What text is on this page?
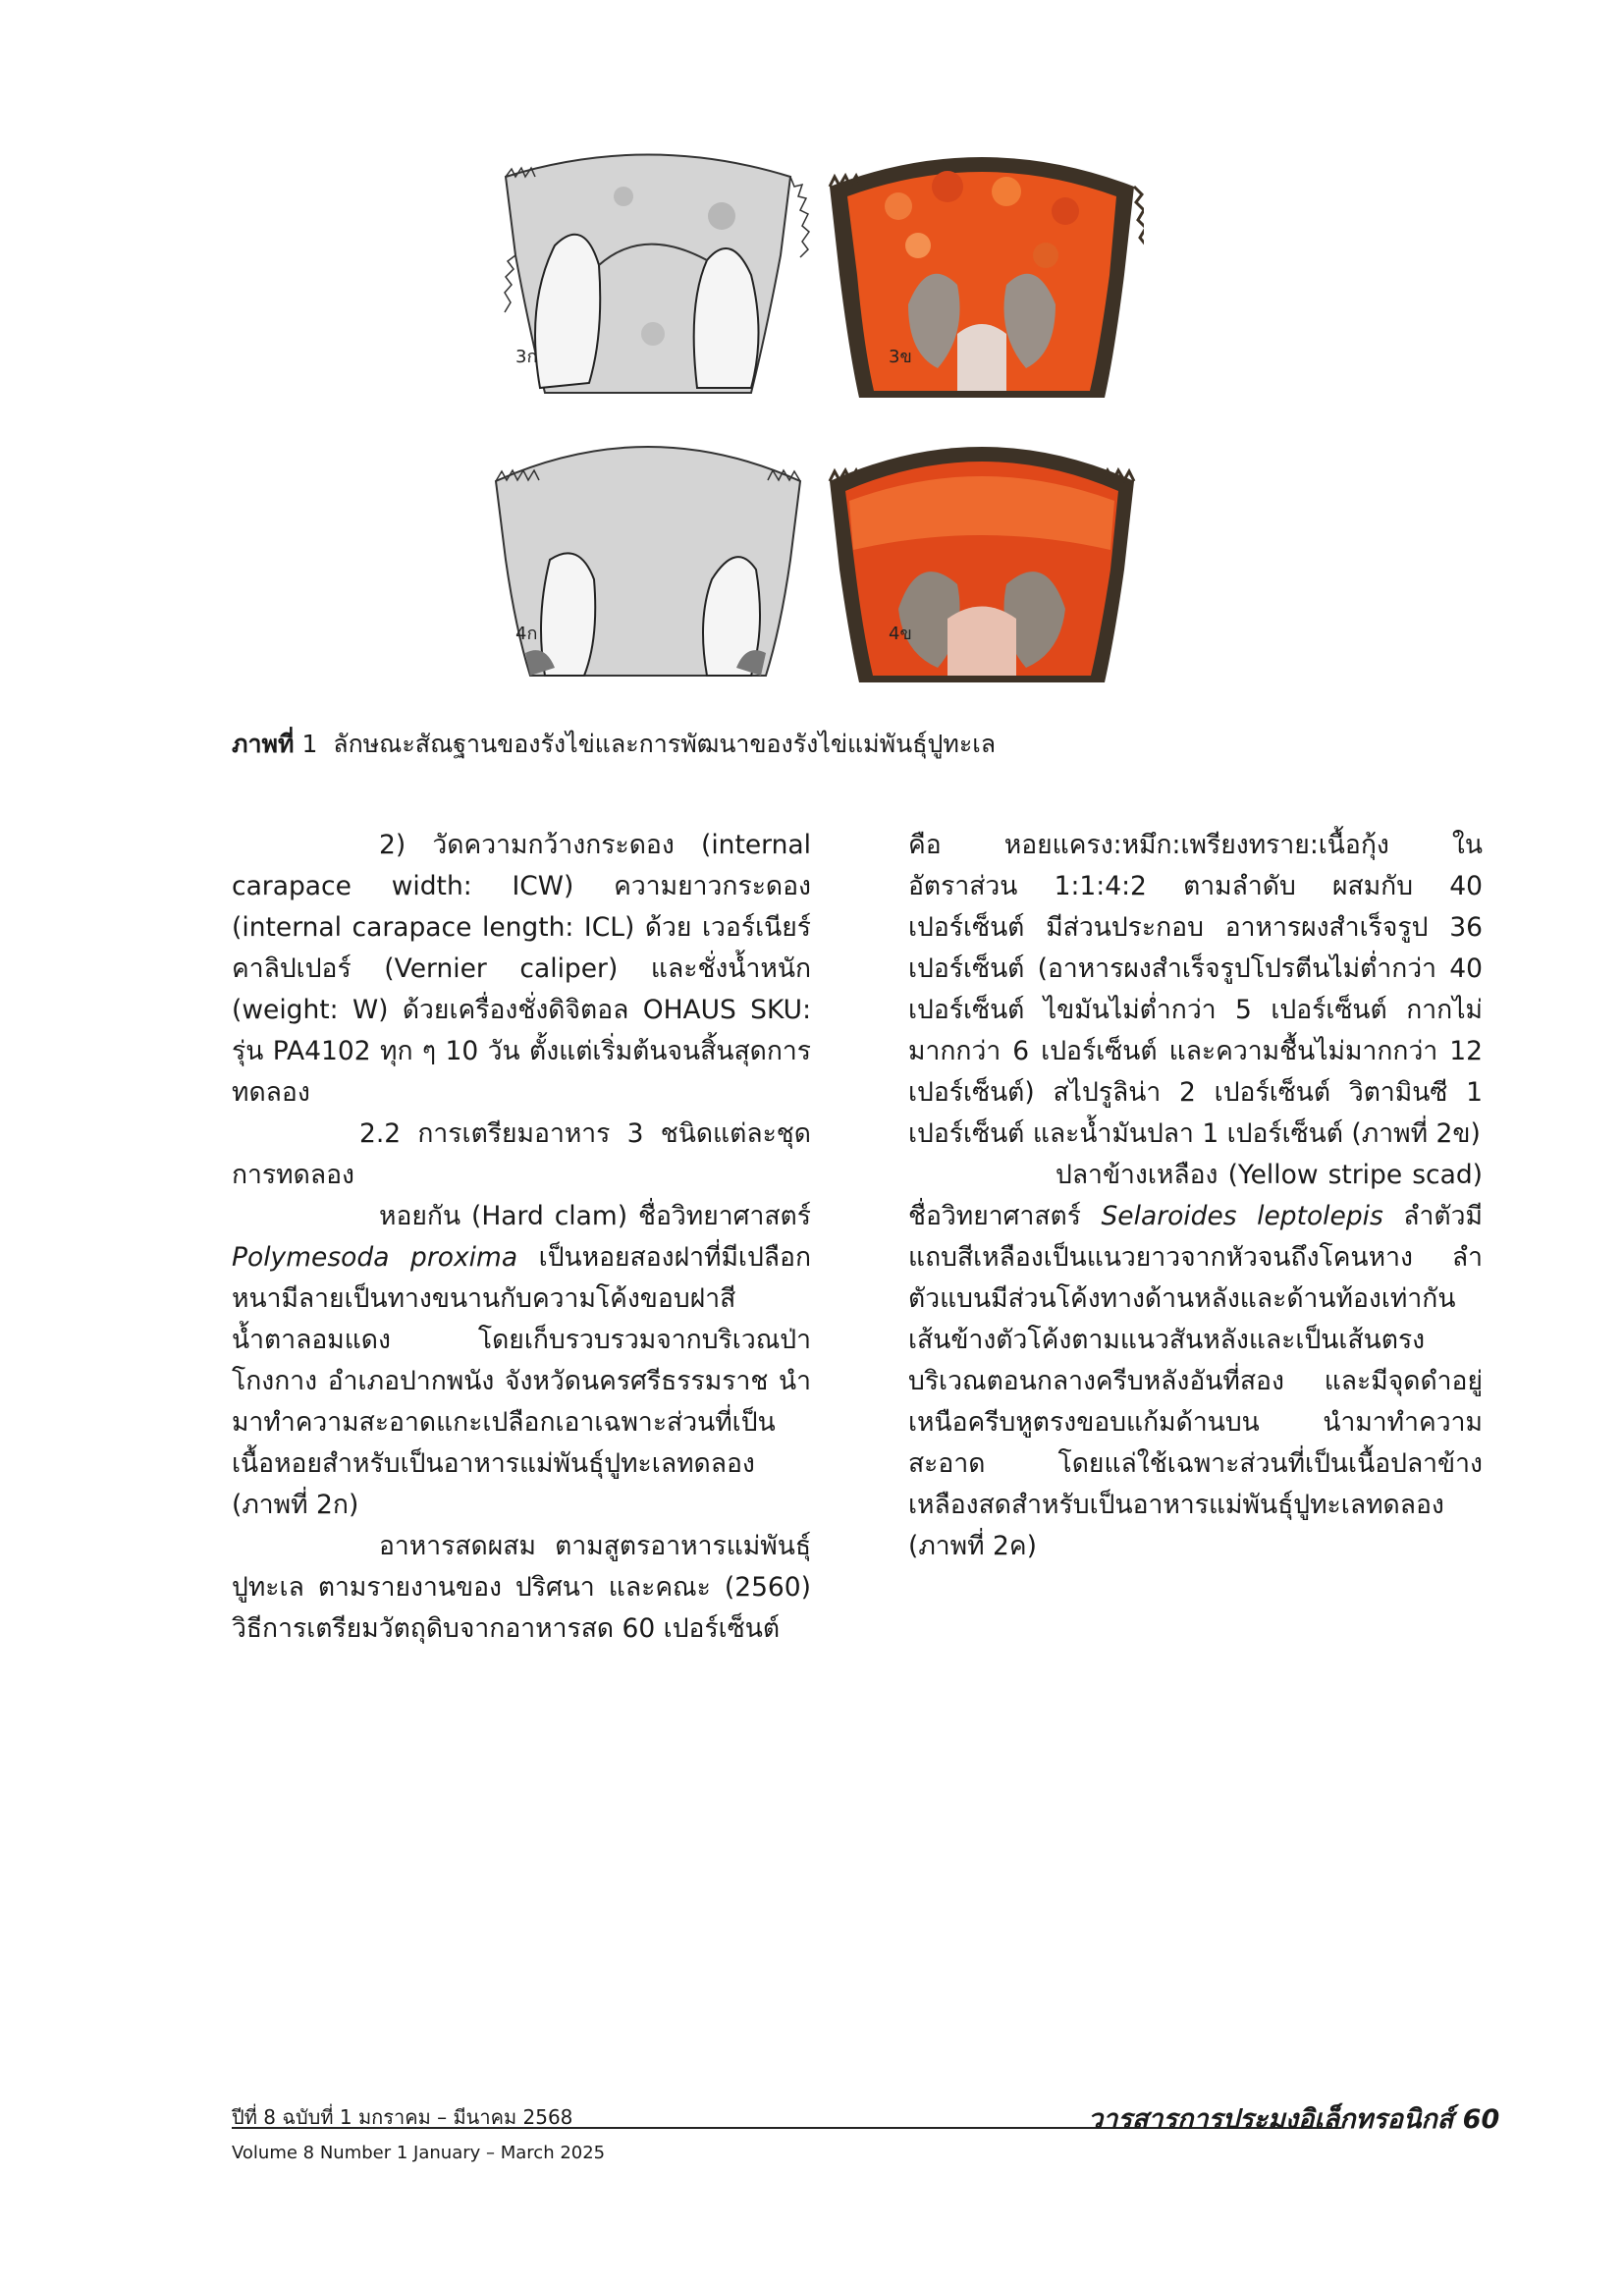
3ก	3ข
4ก	4ข
ภาพที่ 1 ลักษณะสัณฐานของรังไข่และการพัฒนาของรังไข่แม่พันธุ์ปูทะเล

2) วัดความกว้างกระดอง (internal carapace width: ICW) ความยาวกระดอง (internal carapace length: ICL) ด้วย เวอร์เนียร์คาลิปเปอร์ (Vernier caliper) และชั่งน้ำหนัก (weight: W) ด้วยเครื่องชั่งดิจิตอล OHAUS SKU: รุ่น PA4102 ทุก ๆ 10 วัน ตั้งแต่เริ่มต้นจนสิ้นสุดการทดลอง

2.2 การเตรียมอาหาร 3 ชนิดแต่ละชุดการทดลอง

หอยกัน (Hard clam) ชื่อวิทยาศาสตร์ Polymesoda proxima เป็นหอยสองฝาที่มีเปลือกหนามีลายเป็นทางขนานกับความโค้งขอบฝาสีน้ำตาลอมแดง โดยเก็บรวบรวมจากบริเวณป่าโกงกาง อำเภอปากพนัง จังหวัดนครศรีธรรมราช นำมาทำความสะอาดแกะเปลือกเอาเฉพาะส่วนที่เป็นเนื้อหอยสำหรับเป็นอาหารแม่พันธุ์ปูทะเลทดลอง (ภาพที่ 2ก)

อาหารสดผสม ตามสูตรอาหารแม่พันธุ์ปูทะเล ตามรายงานของ ปริศนา และคณะ (2560) วิธีการเตรียมวัตถุดิบจากอาหารสด 60 เปอร์เซ็นต์

คือ หอยแครง:หมึก:เพรียงทราย:เนื้อกุ้ง ในอัตราส่วน 1:1:4:2 ตามลำดับ ผสมกับ 40 เปอร์เซ็นต์ มีส่วนประกอบ อาหารผงสำเร็จรูป 36 เปอร์เซ็นต์ (อาหารผงสำเร็จรูปโปรตีนไม่ต่ำกว่า 40 เปอร์เซ็นต์ ไขมันไม่ต่ำกว่า 5 เปอร์เซ็นต์ กากไม่มากกว่า 6 เปอร์เซ็นต์ และความชื้นไม่มากกว่า 12 เปอร์เซ็นต์) สไปรูลิน่า 2 เปอร์เซ็นต์ วิตามินซี 1 เปอร์เซ็นต์ และน้ำมันปลา 1 เปอร์เซ็นต์ (ภาพที่ 2ข)

ปลาข้างเหลือง (Yellow stripe scad) ชื่อวิทยาศาสตร์ Selaroides leptolepis ลำตัวมีแถบสีเหลืองเป็นแนวยาวจากหัวจนถึงโคนหาง ลำตัวแบนมีส่วนโค้งทางด้านหลังและด้านท้องเท่ากัน เส้นข้างตัวโค้งตามแนวสันหลังและเป็นเส้นตรงบริเวณตอนกลางครีบหลังอันที่สอง และมีจุดดำอยู่เหนือครีบหูตรงขอบแก้มด้านบน นำมาทำความสะอาด โดยแล่ใช้เฉพาะส่วนที่เป็นเนื้อปลาข้างเหลืองสดสำหรับเป็นอาหารแม่พันธุ์ปูทะเลทดลอง (ภาพที่ 2ค)

ปีที่ 8 ฉบับที่ 1 มกราคม – มีนาคม 2568
Volume 8 Number 1 January – March 2025
วารสารการประมงอิเล็กทรอนิกส์ 60
